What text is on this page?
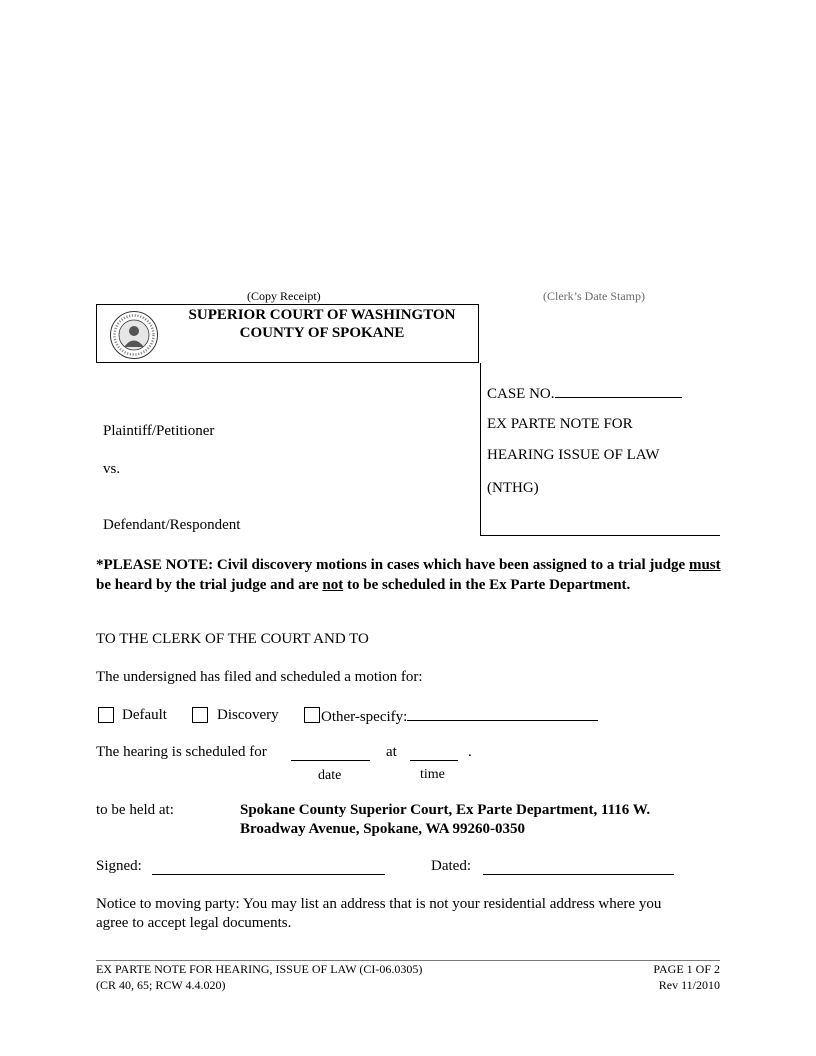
(Copy Receipt)	(Clerk’s Date Stamp)
SUPERIOR COURT OF WASHINGTON
COUNTY OF SPOKANE
Plaintiff/Petitioner
vs.
Defendant/Respondent
CASE NO.
EX PARTE NOTE FOR
HEARING ISSUE OF LAW
(NTHG)
*PLEASE NOTE: Civil discovery motions in cases which have been assigned to a trial judge must be heard by the trial judge and are not to be scheduled in the Ex Parte Department.
TO THE CLERK OF THE COURT AND TO
The undersigned has filed and scheduled a motion for:
Default	Discovery	Other-specify:
The hearing is scheduled for	at	.
date	time
to be held at:	Spokane County Superior Court, Ex Parte Department, 1116 W.
Broadway Avenue, Spokane, WA 99260-0350
Signed:	Dated:
Notice to moving party: You may list an address that is not your residential address where you
agree to accept legal documents.
EX PARTE NOTE FOR HEARING, ISSUE OF LAW (CI-06.0305)
(CR 40, 65; RCW 4.4.020)
PAGE 1 OF 2
Rev 11/2010
